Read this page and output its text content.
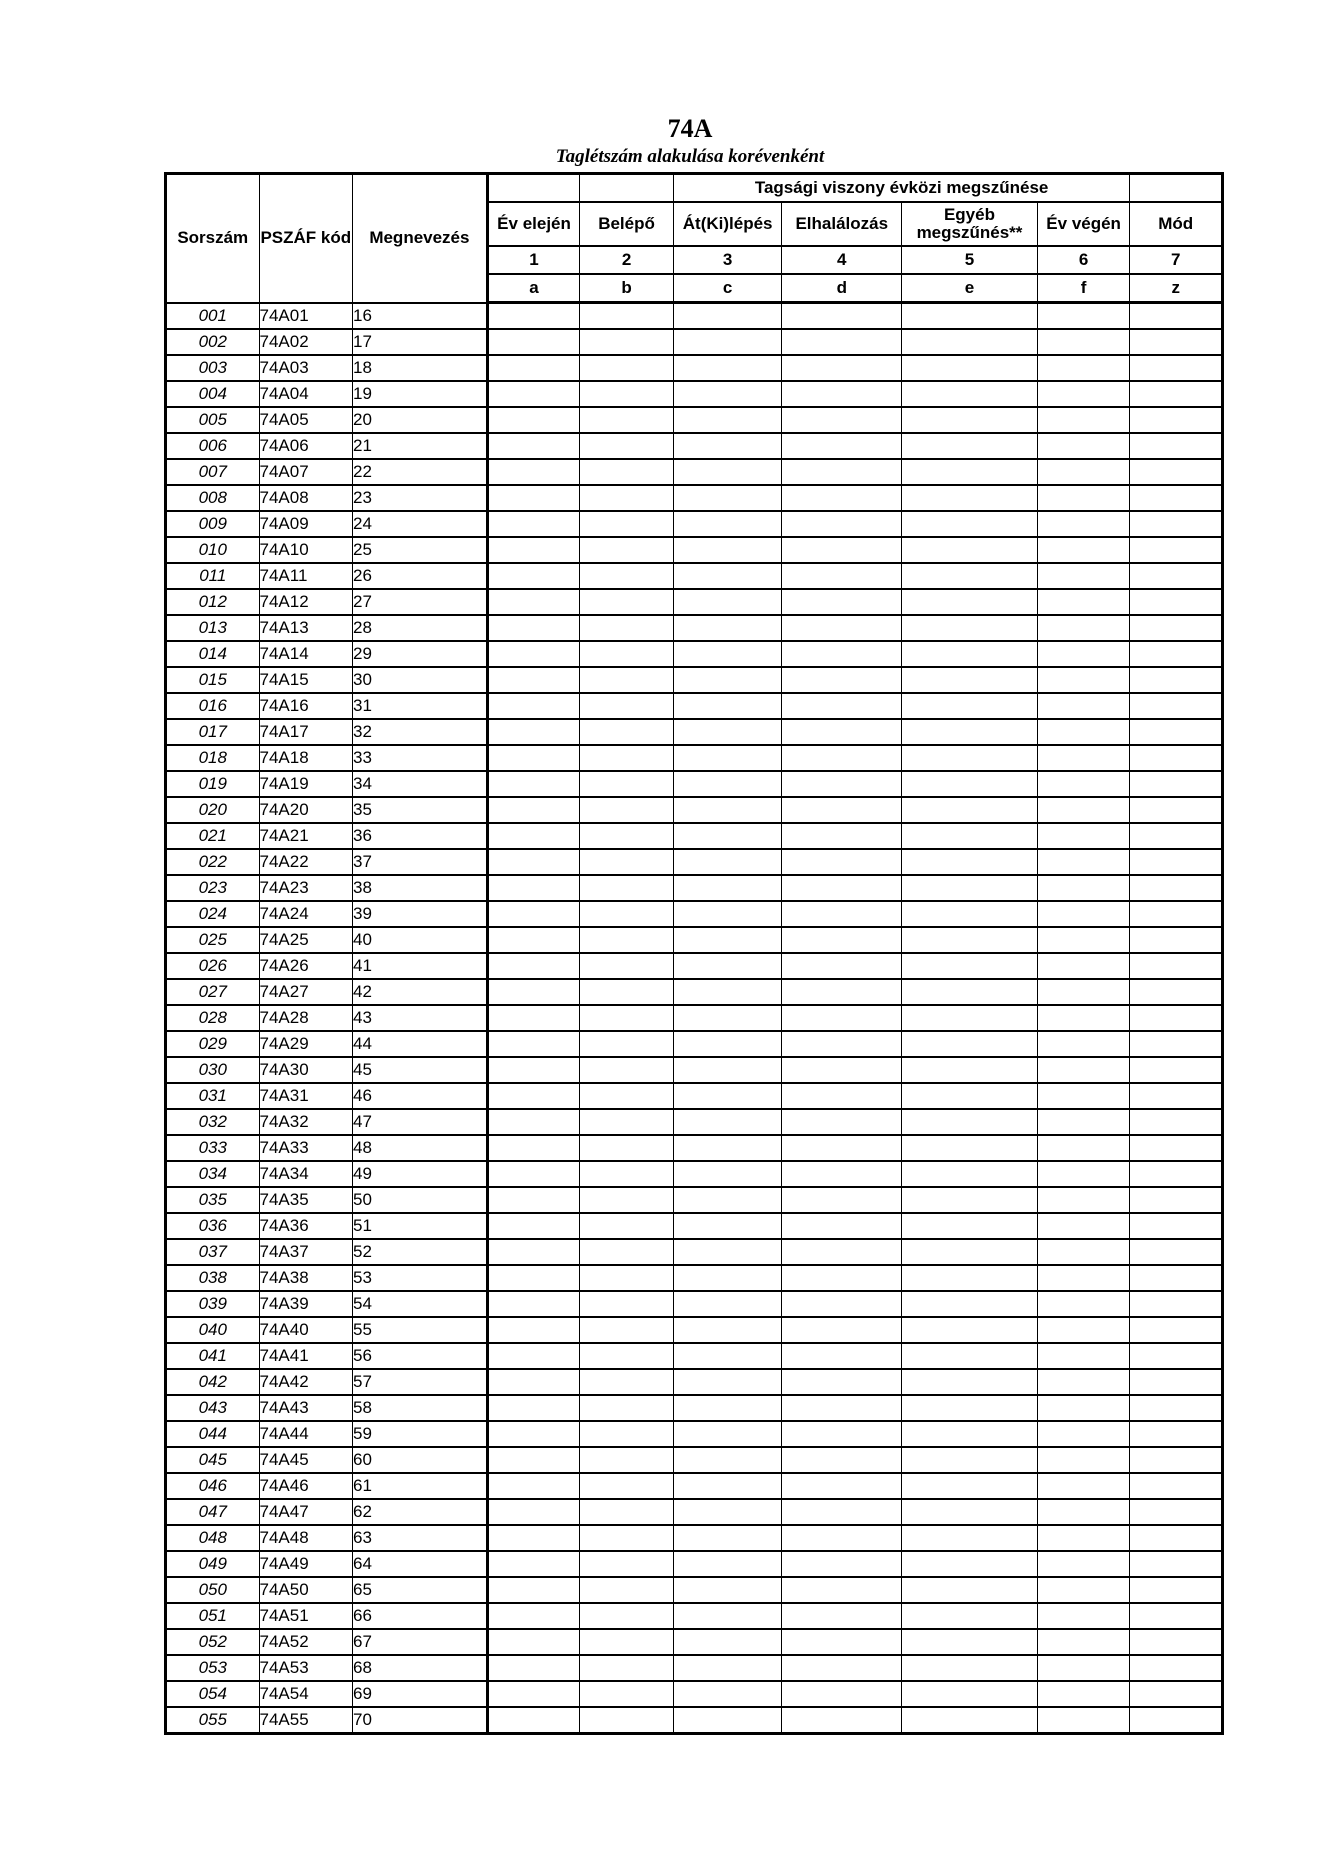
74A
Taglétszám alakulása korévenként
Sorszám	PSZÁF kód	Megnevezés			Tagsági viszony évközi megszűnése				
			Év elején	Belépő	Át(Ki)lépés	Elhalálozás	Egyéb megszűnés**	Év végén	Mód
			1	2	3	4	5	6	7
			a	b	c	d	e	f	z
001	74A01	16							
002	74A02	17							
003	74A03	18							
004	74A04	19							
005	74A05	20							
006	74A06	21							
007	74A07	22							
008	74A08	23							
009	74A09	24							
010	74A10	25							
011	74A11	26							
012	74A12	27							
013	74A13	28							
014	74A14	29							
015	74A15	30							
016	74A16	31							
017	74A17	32							
018	74A18	33							
019	74A19	34							
020	74A20	35							
021	74A21	36							
022	74A22	37							
023	74A23	38							
024	74A24	39							
025	74A25	40							
026	74A26	41							
027	74A27	42							
028	74A28	43							
029	74A29	44							
030	74A30	45							
031	74A31	46							
032	74A32	47							
033	74A33	48							
034	74A34	49							
035	74A35	50							
036	74A36	51							
037	74A37	52							
038	74A38	53							
039	74A39	54							
040	74A40	55							
041	74A41	56							
042	74A42	57							
043	74A43	58							
044	74A44	59							
045	74A45	60							
046	74A46	61							
047	74A47	62							
048	74A48	63							
049	74A49	64							
050	74A50	65							
051	74A51	66							
052	74A52	67							
053	74A53	68							
054	74A54	69							
055	74A55	70							
